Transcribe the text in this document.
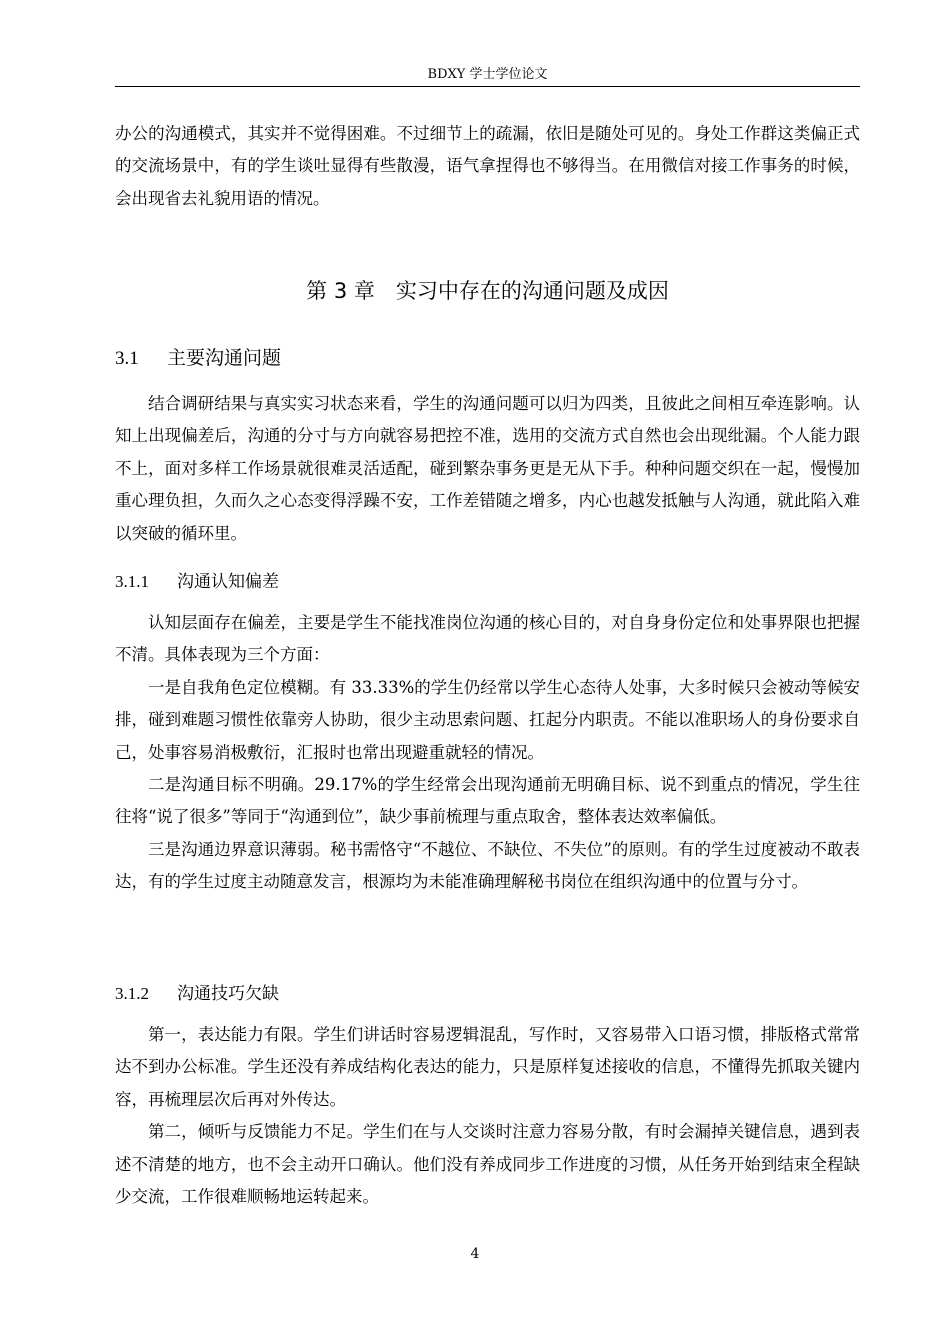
BDXY 学士学位论文

办公的沟通模式，其实并不觉得困难。不过细节上的疏漏，依旧是随处可见的。身处工作群这类偏正式的交流场景中，有的学生谈吐显得有些散漫，语气拿捏得也不够得当。在用微信对接工作事务的时候，会出现省去礼貌用语的情况。

第 3 章　实习中存在的沟通问题及成因
3.1 主要沟通问题

结合调研结果与真实实习状态来看，学生的沟通问题可以归为四类，且彼此之间相互牵连影响。认知上出现偏差后，沟通的分寸与方向就容易把控不准，选用的交流方式自然也会出现纰漏。个人能力跟不上，面对多样工作场景就很难灵活适配，碰到繁杂事务更是无从下手。种种问题交织在一起，慢慢加重心理负担，久而久之心态变得浮躁不安，工作差错随之增多，内心也越发抵触与人沟通，就此陷入难以突破的循环里。

3.1.1 沟通认知偏差

认知层面存在偏差，主要是学生不能找准岗位沟通的核心目的，对自身身份定位和处事界限也把握不清。具体表现为三个方面：

一是自我角色定位模糊。有 33.33%的学生仍经常以学生心态待人处事，大多时候只会被动等候安排，碰到难题习惯性依靠旁人协助，很少主动思索问题、扛起分内职责。不能以准职场人的身份要求自己，处事容易消极敷衍，汇报时也常出现避重就轻的情况。

二是沟通目标不明确。29.17%的学生经常会出现沟通前无明确目标、说不到重点的情况，学生往往将“说了很多”等同于“沟通到位”，缺少事前梳理与重点取舍，整体表达效率偏低。

三是沟通边界意识薄弱。秘书需恪守“不越位、不缺位、不失位”的原则。有的学生过度被动不敢表达，有的学生过度主动随意发言，根源均为未能准确理解秘书岗位在组织沟通中的位置与分寸。

3.1.2 沟通技巧欠缺

第一，表达能力有限。学生们讲话时容易逻辑混乱，写作时，又容易带入口语习惯，排版格式常常达不到办公标准。学生还没有养成结构化表达的能力，只是原样复述接收的信息，不懂得先抓取关键内容，再梳理层次后再对外传达。

第二，倾听与反馈能力不足。学生们在与人交谈时注意力容易分散，有时会漏掉关键信息，遇到表述不清楚的地方，也不会主动开口确认。他们没有养成同步工作进度的习惯，从任务开始到结束全程缺少交流，工作很难顺畅地运转起来。

4
